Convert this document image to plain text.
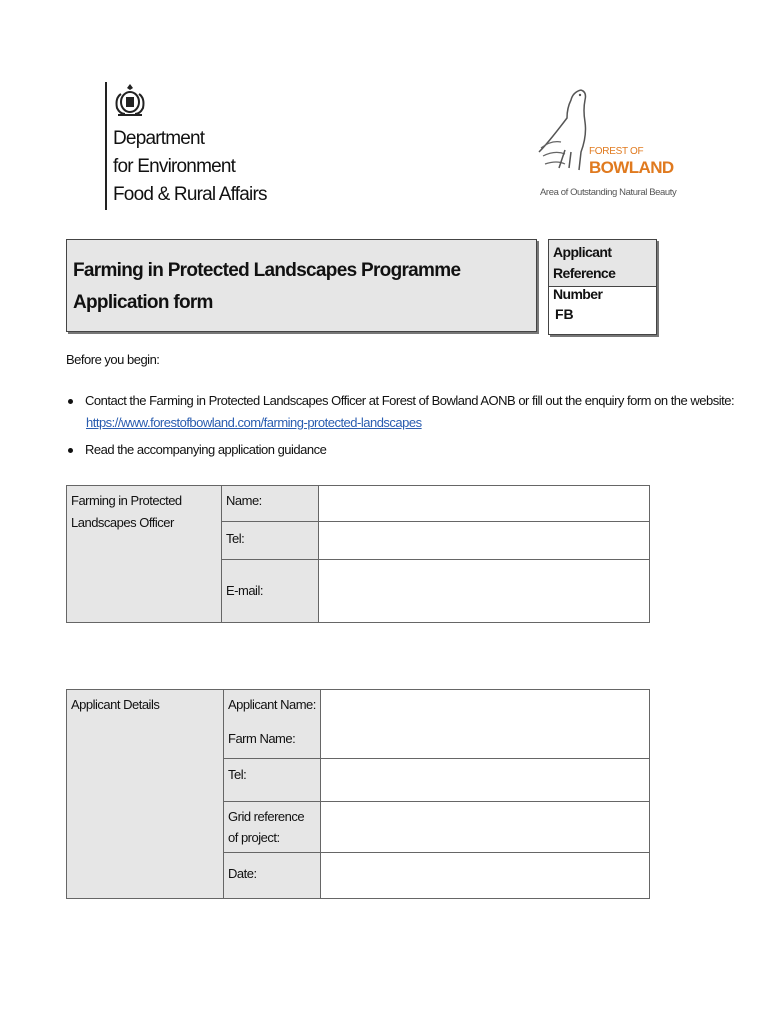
Department
for Environment
Food & Rural Affairs
FOREST OF
BOWLAND
Area of Outstanding Natural Beauty
Farming in Protected Landscapes Programme
Application form
Applicant Reference Number
FB
Before you begin:
Contact the Farming in Protected Landscapes Officer at Forest of Bowland AONB or fill out the enquiry form on the website:
https://www.forestofbowland.com/farming-protected-landscapes
Read the accompanying application guidance
Farming in Protected Landscapes Officer	Name:	

	Tel:	

	E-mail:	

Applicant Details	Applicant Name:
Farm Name:	

	Tel:	

	Grid reference of project:	

	Date:	
